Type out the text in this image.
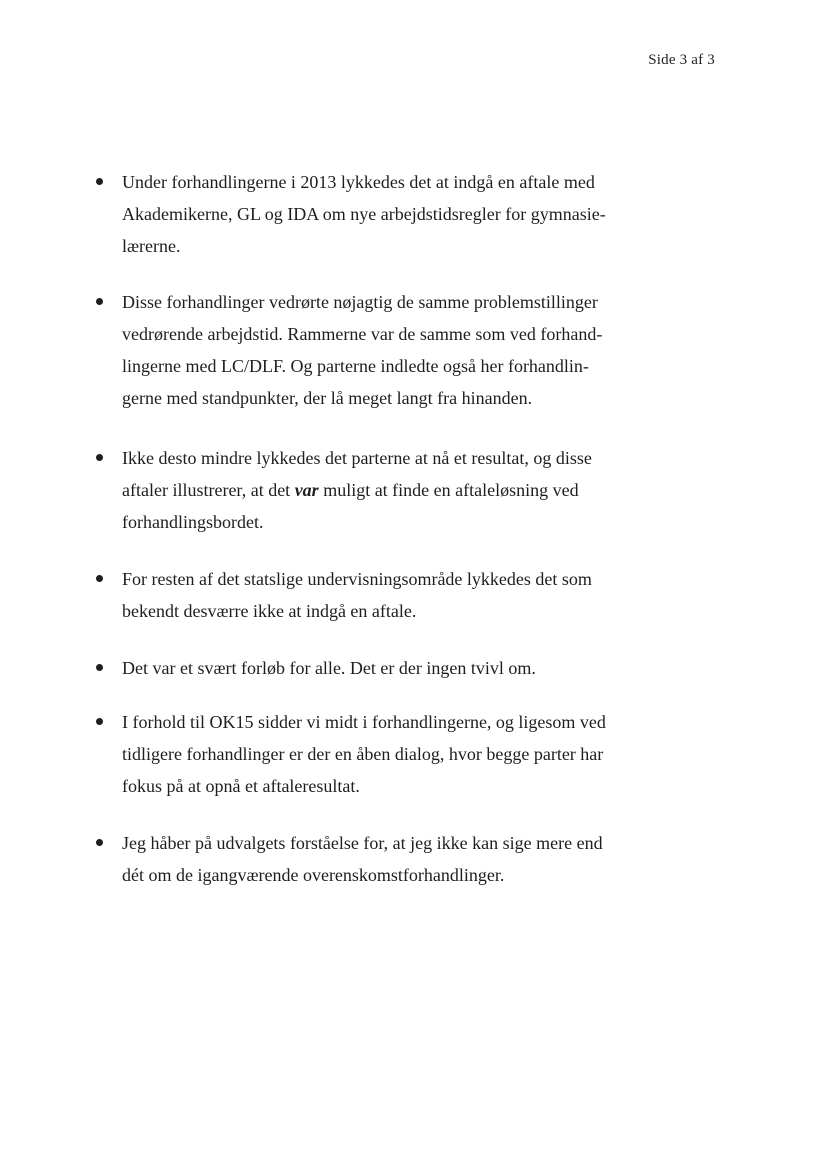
Side 3 af 3
Under forhandlingerne i 2013 lykkedes det at indgå en aftale med
Akademikerne, GL og IDA om nye arbejdstidsregler for gymnasie-
lærerne.
Disse forhandlinger vedrørte nøjagtig de samme problemstillinger
vedrørende arbejdstid. Rammerne var de samme som ved forhand-
lingerne med LC/DLF. Og parterne indledte også her forhandlin-
gerne med standpunkter, der lå meget langt fra hinanden.
Ikke desto mindre lykkedes det parterne at nå et resultat, og disse
aftaler illustrerer, at det var muligt at finde en aftaleløsning ved
forhandlingsbordet.
For resten af det statslige undervisningsområde lykkedes det som
bekendt desværre ikke at indgå en aftale.
Det var et svært forløb for alle. Det er der ingen tvivl om.
I forhold til OK15 sidder vi midt i forhandlingerne, og ligesom ved
tidligere forhandlinger er der en åben dialog, hvor begge parter har
fokus på at opnå et aftaleresultat.
Jeg håber på udvalgets forståelse for, at jeg ikke kan sige mere end
dét om de igangværende overenskomstforhandlinger.
